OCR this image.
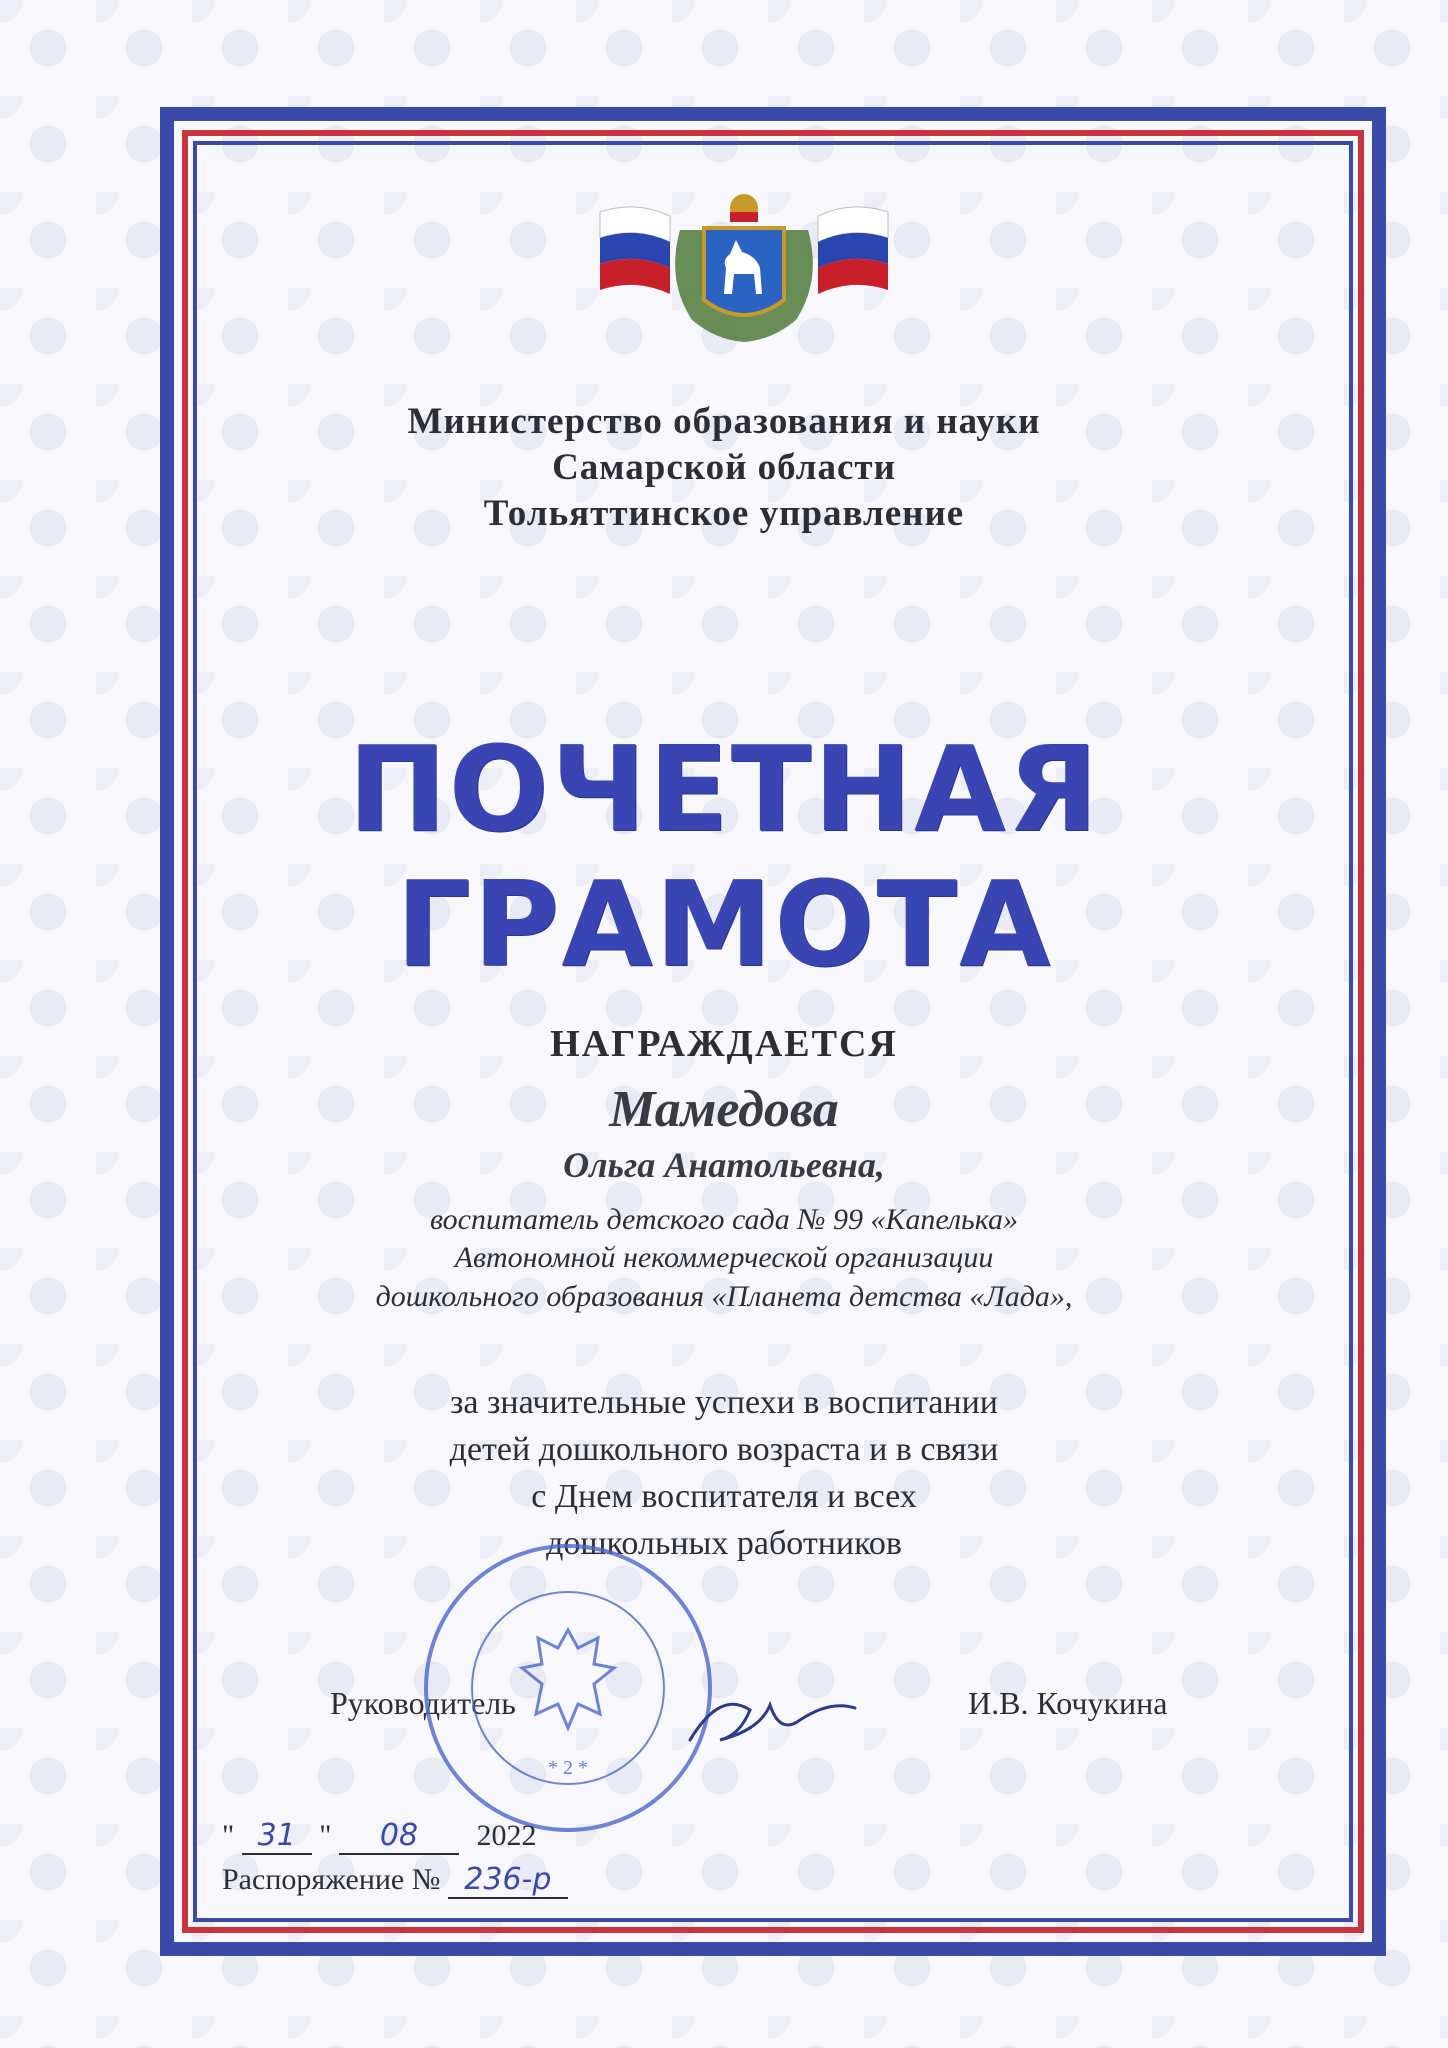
Министерство образования и науки
Самарской области
Тольяттинское управление
ПОЧЕТНАЯ
ГРАМОТА
НАГРАЖДАЕТСЯ
Мамедова
Ольга Анатольевна,
воспитатель детского сада № 99 «Капелька»
Автономной некоммерческой организации
дошкольного образования «Планета детства «Лада»,
за значительные успехи в воспитании
детей дошкольного возраста и в связи
с Днем воспитателя и всех
дошкольных работников
Руководитель	И.В. Кочукина
* 2 *
" 31 " 08 2022
Распоряжение № 236-р
